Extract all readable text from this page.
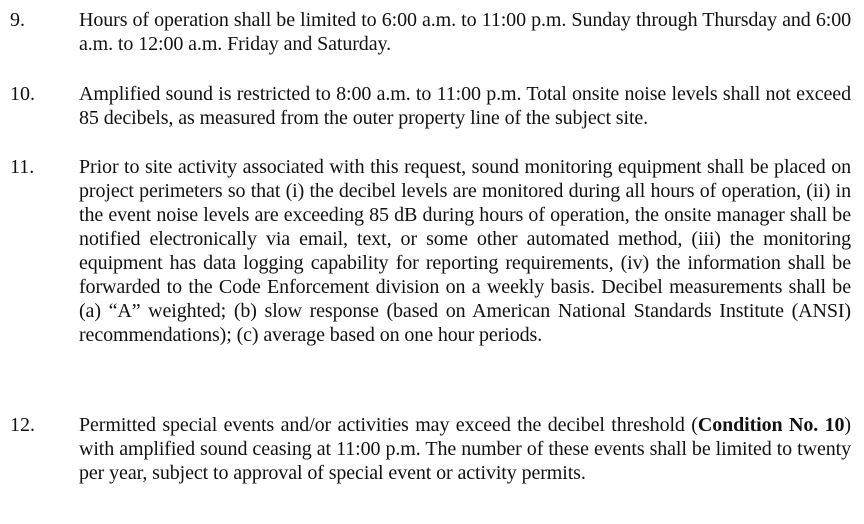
9.	Hours of operation shall be limited to 6:00 a.m. to 11:00 p.m. Sunday through Thursday and 6:00 a.m. to 12:00 a.m. Friday and Saturday.
10. Amplified sound is restricted to 8:00 a.m. to 11:00 p.m. Total onsite noise levels shall not exceed 85 decibels, as measured from the outer property line of the subject site.
11. Prior to site activity associated with this request, sound monitoring equipment shall be placed on project perimeters so that (i) the decibel levels are monitored during all hours of operation, (ii) in the event noise levels are exceeding 85 dB during hours of operation, the onsite manager shall be notified electronically via email, text, or some other automated method, (iii) the monitoring equipment has data logging capability for reporting requirements, (iv) the information shall be forwarded to the Code Enforcement division on a weekly basis. Decibel measurements shall be (a) “A” weighted; (b) slow response (based on American National Standards Institute (ANSI) recommendations); (c) average based on one hour periods.
12. Permitted special events and/or activities may exceed the decibel threshold (Condition No. 10) with amplified sound ceasing at 11:00 p.m. The number of these events shall be limited to twenty per year, subject to approval of special event or activity permits.
